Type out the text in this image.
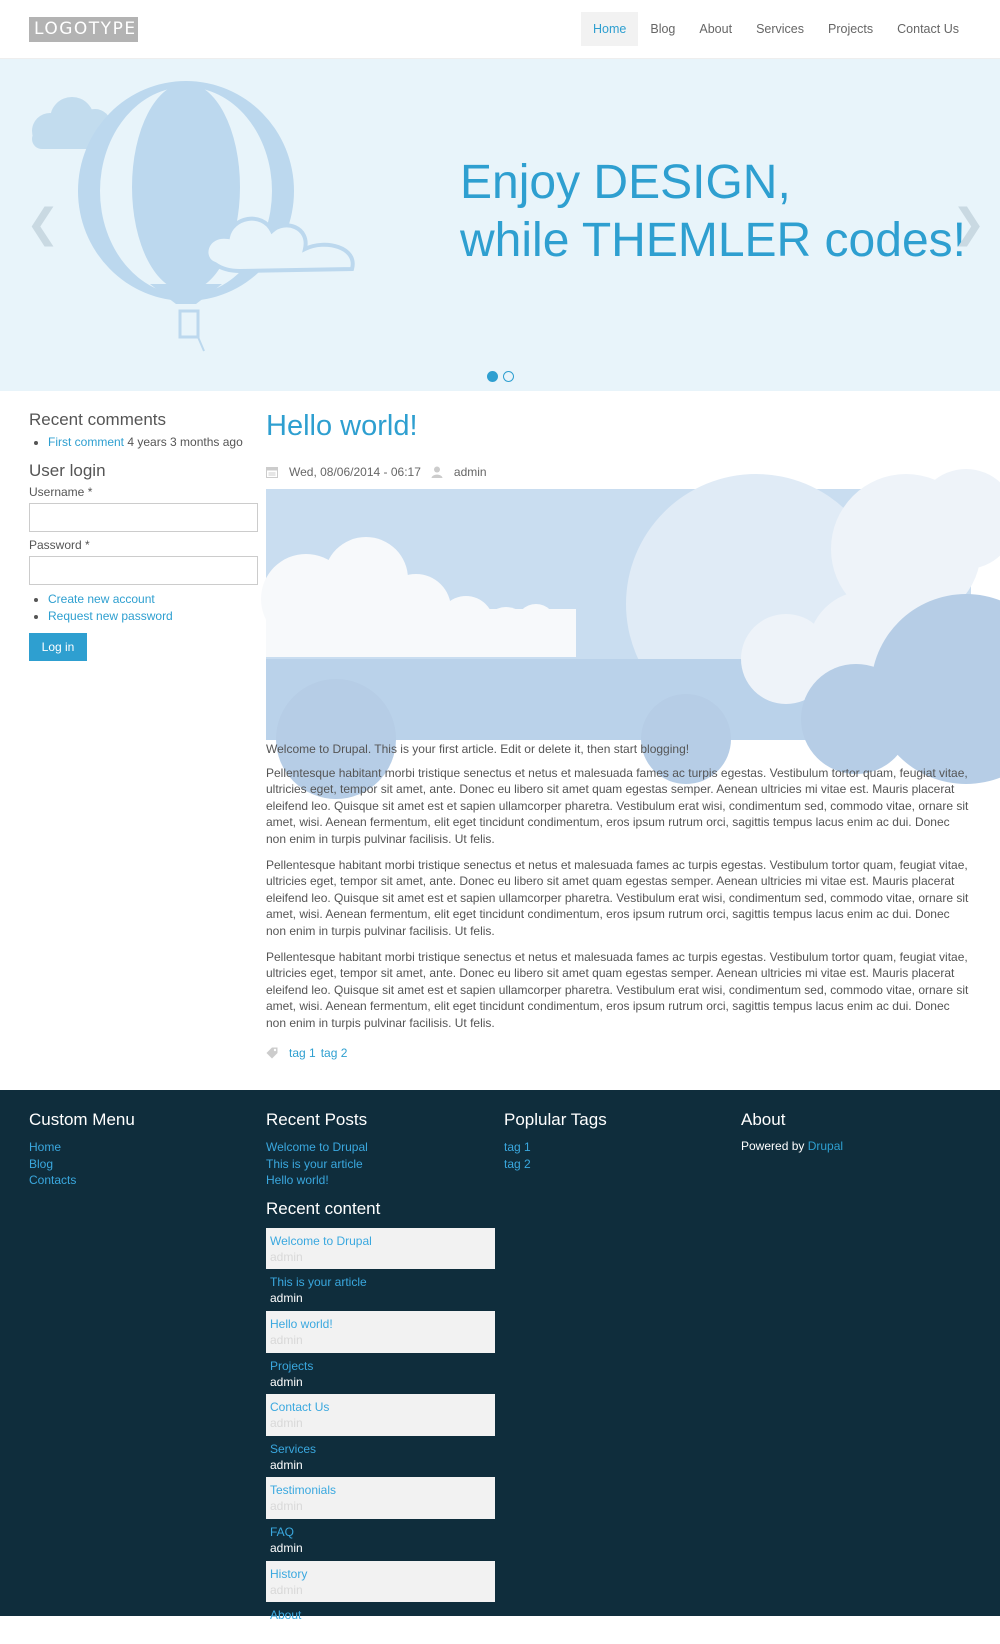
LOGOTYPE	Home	Blog	About	Services	Projects	Contact Us
Enjoy DESIGN,
while THEMLER codes!
❮	❯
Recent comments
• First comment 4 years 3 months ago
User login
Username *
Password *
• Create new account
• Request new password
Log in
Hello world!
Wed, 08/06/2014 - 06:17	admin

Welcome to Drupal. This is your first article. Edit or delete it, then start blogging!

Pellentesque habitant morbi tristique senectus et netus et malesuada fames ac turpis egestas. Vestibulum tortor quam, feugiat vitae, ultricies eget, tempor sit amet, ante. Donec eu libero sit amet quam egestas semper. Aenean ultricies mi vitae est. Mauris placerat eleifend leo. Quisque sit amet est et sapien ullamcorper pharetra. Vestibulum erat wisi, condimentum sed, commodo vitae, ornare sit amet, wisi. Aenean fermentum, elit eget tincidunt condimentum, eros ipsum rutrum orci, sagittis tempus lacus enim ac dui. Donec non enim in turpis pulvinar facilisis. Ut felis.

Pellentesque habitant morbi tristique senectus et netus et malesuada fames ac turpis egestas. Vestibulum tortor quam, feugiat vitae, ultricies eget, tempor sit amet, ante. Donec eu libero sit amet quam egestas semper. Aenean ultricies mi vitae est. Mauris placerat eleifend leo. Quisque sit amet est et sapien ullamcorper pharetra. Vestibulum erat wisi, condimentum sed, commodo vitae, ornare sit amet, wisi. Aenean fermentum, elit eget tincidunt condimentum, eros ipsum rutrum orci, sagittis tempus lacus enim ac dui. Donec non enim in turpis pulvinar facilisis. Ut felis.

Pellentesque habitant morbi tristique senectus et netus et malesuada fames ac turpis egestas. Vestibulum tortor quam, feugiat vitae, ultricies eget, tempor sit amet, ante. Donec eu libero sit amet quam egestas semper. Aenean ultricies mi vitae est. Mauris placerat eleifend leo. Quisque sit amet est et sapien ullamcorper pharetra. Vestibulum erat wisi, condimentum sed, commodo vitae, ornare sit amet, wisi. Aenean fermentum, elit eget tincidunt condimentum, eros ipsum rutrum orci, sagittis tempus lacus enim ac dui. Donec non enim in turpis pulvinar facilisis. Ut felis.

tag 1 tag 2
Custom Menu
Home
Blog
Contacts
Recent Posts
Welcome to Drupal
This is your article
Hello world!
Recent content
Welcome to Drupal
admin
This is your article
admin
Hello world!
admin
Projects
admin
Contact Us
admin
Services
admin
Testimonials
admin
FAQ
admin
History
admin
About
admin
Poplular Tags
tag 1
tag 2
About
Powered by Drupal
